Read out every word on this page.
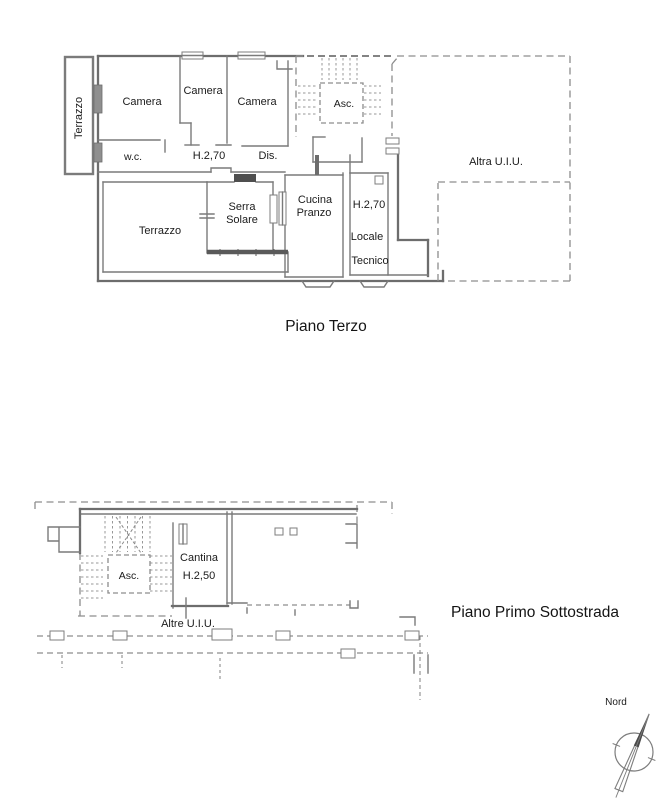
Terrazzo	Camera
Camera
Camera	Asc.
w.c.	H.2,70	Dis.	Altra U.I.U.
Terrazzo
Serra
Solare
Cucina
Pranzo
H.2,70
Locale
Tecnico
Piano Terzo
Asc.
Cantina
H.2,50
Altre U.I.U.
Piano Primo Sottostrada
Nord
